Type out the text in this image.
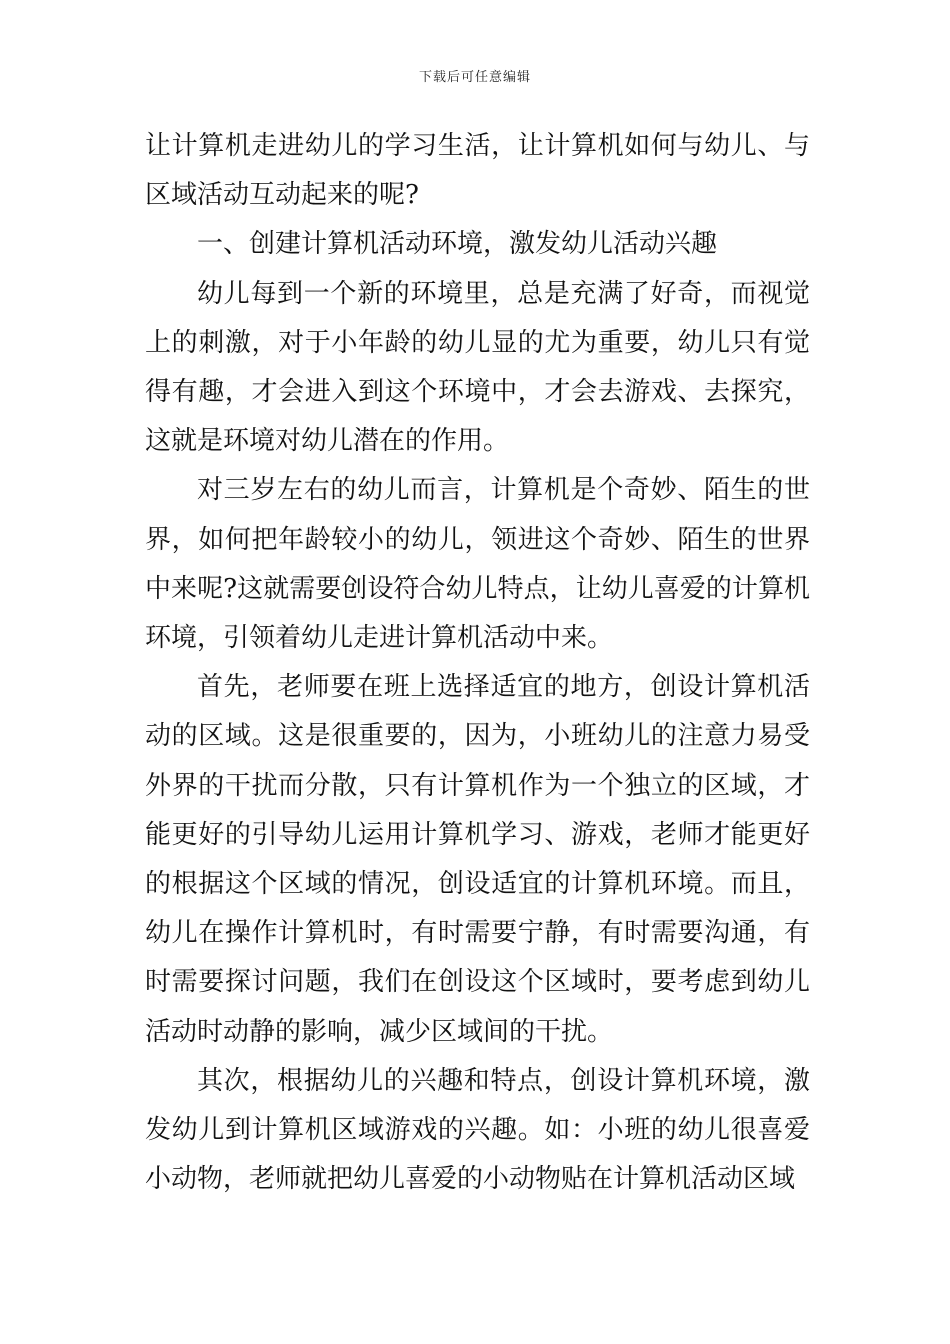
下载后可任意编辑

让计算机走进幼儿的学习生活，让计算机如何与幼儿、与区域活动互动起来的呢?

一、创建计算机活动环境，激发幼儿活动兴趣

幼儿每到一个新的环境里，总是充满了好奇，而视觉上的刺激，对于小年龄的幼儿显的尤为重要，幼儿只有觉得有趣，才会进入到这个环境中，才会去游戏、去探究，这就是环境对幼儿潜在的作用。

对三岁左右的幼儿而言，计算机是个奇妙、陌生的世界，如何把年龄较小的幼儿，领进这个奇妙、陌生的世界中来呢?这就需要创设符合幼儿特点，让幼儿喜爱的计算机环境，引领着幼儿走进计算机活动中来。

首先，老师要在班上选择适宜的地方，创设计算机活动的区域。这是很重要的，因为，小班幼儿的注意力易受外界的干扰而分散，只有计算机作为一个独立的区域，才能更好的引导幼儿运用计算机学习、游戏，老师才能更好的根据这个区域的情况，创设适宜的计算机环境。而且，幼儿在操作计算机时，有时需要宁静，有时需要沟通，有时需要探讨问题，我们在创设这个区域时，要考虑到幼儿活动时动静的影响，减少区域间的干扰。

其次，根据幼儿的兴趣和特点，创设计算机环境，激发幼儿到计算机区域游戏的兴趣。如：小班的幼儿很喜爱小动物，老师就把幼儿喜爱的小动物贴在计算机活动区域
